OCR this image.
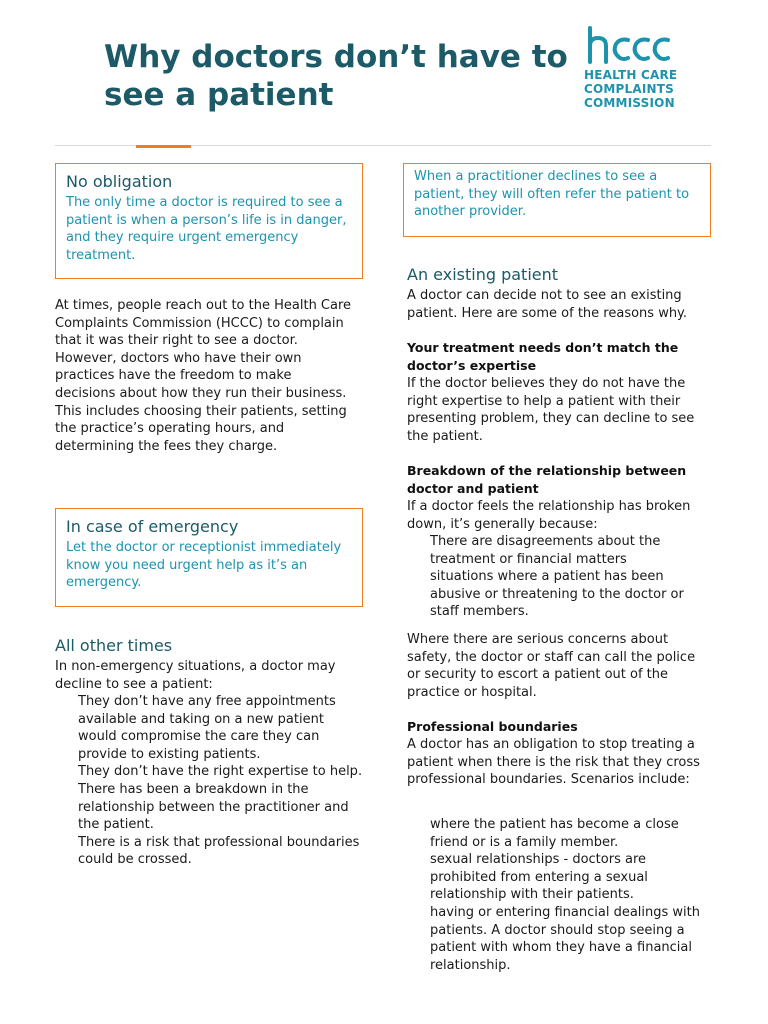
Why doctors don’t have to see a patient
HEALTH CARE
COMPLAINTS
COMMISSION
No obligation

The only time a doctor is required to see a patient is when a person’s life is in danger, and they require urgent emergency treatment.

At times, people reach out to the Health Care Complaints Commission (HCCC) to complain that it was their right to see a doctor. However, doctors who have their own practices have the freedom to make decisions about how they run their business. This includes choosing their patients, setting the practice’s operating hours, and determining the fees they charge.

In case of emergency

Let the doctor or receptionist immediately know you need urgent help as it’s an emergency.

All other times

In non-emergency situations, a doctor may decline to see a patient:

They don’t have any free appointments available and taking on a new patient would compromise the care they can provide to existing patients.
They don’t have the right expertise to help.
There has been a breakdown in the relationship between the practitioner and the patient.
There is a risk that professional boundaries could be crossed.

When a practitioner declines to see a patient, they will often refer the patient to another provider.

An existing patient

A doctor can decide not to see an existing patient. Here are some of the reasons why.

Your treatment needs don’t match the doctor’s expertise

If the doctor believes they do not have the right expertise to help a patient with their presenting problem, they can decline to see the patient.

Breakdown of the relationship between doctor and patient

If a doctor feels the relationship has broken down, it’s generally because:

There are disagreements about the treatment or financial matters
situations where a patient has been abusive or threatening to the doctor or staff members.

Where there are serious concerns about safety, the doctor or staff can call the police or security to escort a patient out of the practice or hospital.

Professional boundaries

A doctor has an obligation to stop treating a patient when there is the risk that they cross professional boundaries. Scenarios include:

where the patient has become a close friend or is a family member.
sexual relationships - doctors are prohibited from entering a sexual relationship with their patients.
having or entering financial dealings with patients. A doctor should stop seeing a patient with whom they have a financial relationship.
